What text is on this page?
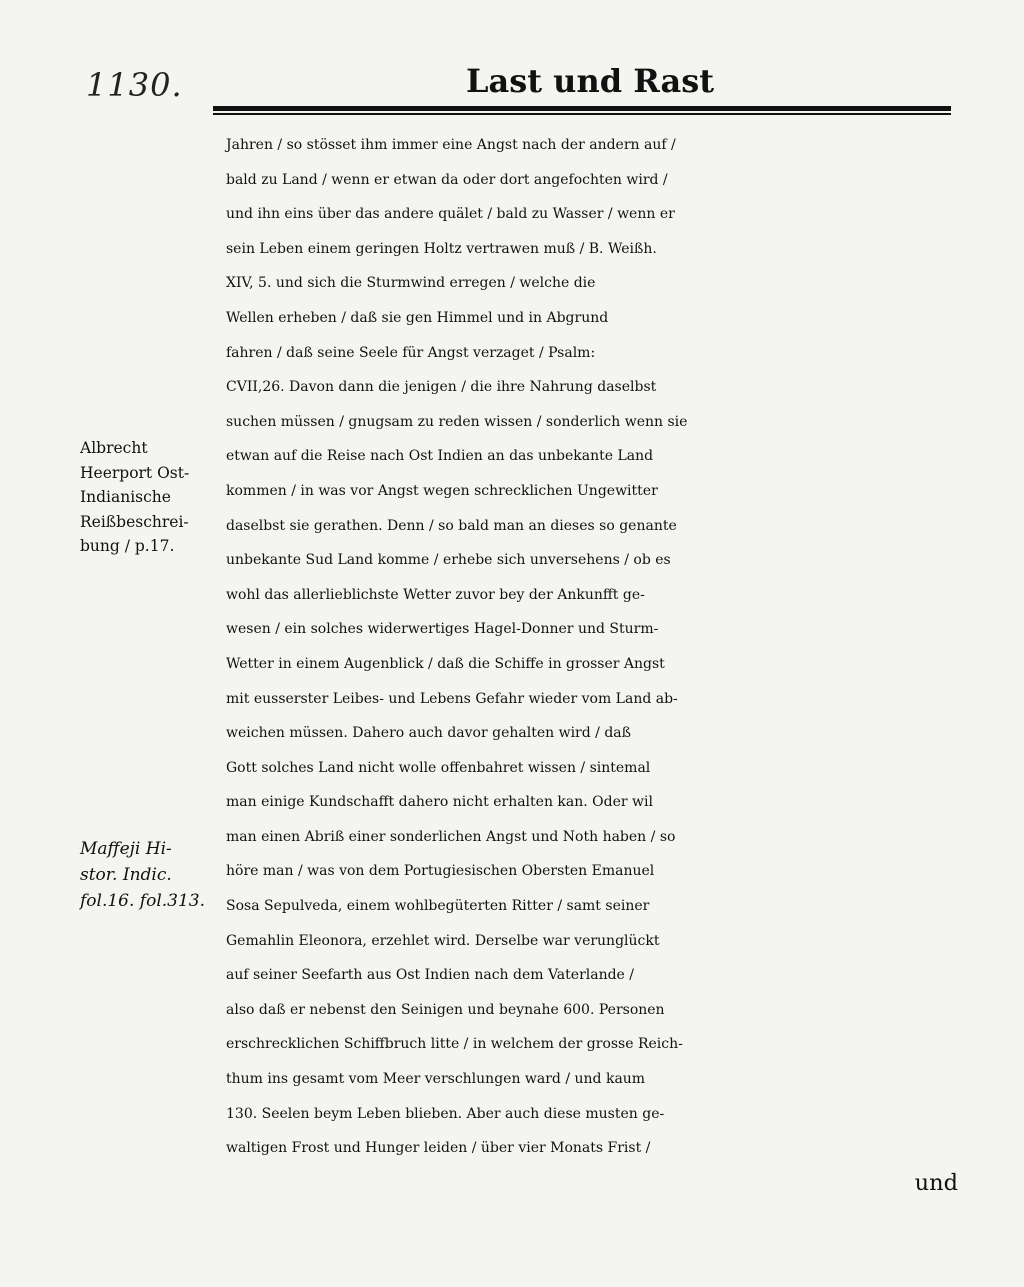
1130.	Last und Rast
Albrecht
Heerport Ost-
Indianische
Reißbeschrei-
bung / p.17.
Maffeji Hi-
stor. Indic.
fol.16. fol.313.
Jahren / so stösset ihm immer eine Angst nach der andern auf /
bald zu Land / wenn er etwan da oder dort angefochten wird /
und ihn eins über das andere quälet / bald zu Wasser / wenn er
sein Leben einem geringen Holtz vertrawen muß / B. Weißh.
XIV, 5. und sich die Sturmwind erregen / welche die
Wellen erheben / daß sie gen Himmel und in Abgrund
fahren / daß seine Seele für Angst verzaget / Psalm:
CVII,26. Davon dann die jenigen / die ihre Nahrung daselbst
suchen müssen / gnugsam zu reden wissen / sonderlich wenn sie
etwan auf die Reise nach Ost Indien an das unbekante Land
kommen / in was vor Angst wegen schrecklichen Ungewitter
daselbst sie gerathen. Denn / so bald man an dieses so genante
unbekante Sud Land komme / erhebe sich unversehens / ob es
wohl das allerlieblichste Wetter zuvor bey der Ankunfft ge-
wesen / ein solches widerwertiges Hagel-Donner und Sturm-
Wetter in einem Augenblick / daß die Schiffe in grosser Angst
mit eusserster Leibes- und Lebens Gefahr wieder vom Land ab-
weichen müssen. Dahero auch davor gehalten wird / daß
Gott solches Land nicht wolle offenbahret wissen / sintemal
man einige Kundschafft dahero nicht erhalten kan. Oder wil
man einen Abriß einer sonderlichen Angst und Noth haben / so
höre man / was von dem Portugiesischen Obersten Emanuel
Sosa Sepulveda, einem wohlbegüterten Ritter / samt seiner
Gemahlin Eleonora, erzehlet wird. Derselbe war verunglückt
auf seiner Seefarth aus Ost Indien nach dem Vaterlande /
also daß er nebenst den Seinigen und beynahe 600. Personen
erschrecklichen Schiffbruch litte / in welchem der grosse Reich-
thum ins gesamt vom Meer verschlungen ward / und kaum
130. Seelen beym Leben blieben. Aber auch diese musten ge-
waltigen Frost und Hunger leiden / über vier Monats Frist /
und
